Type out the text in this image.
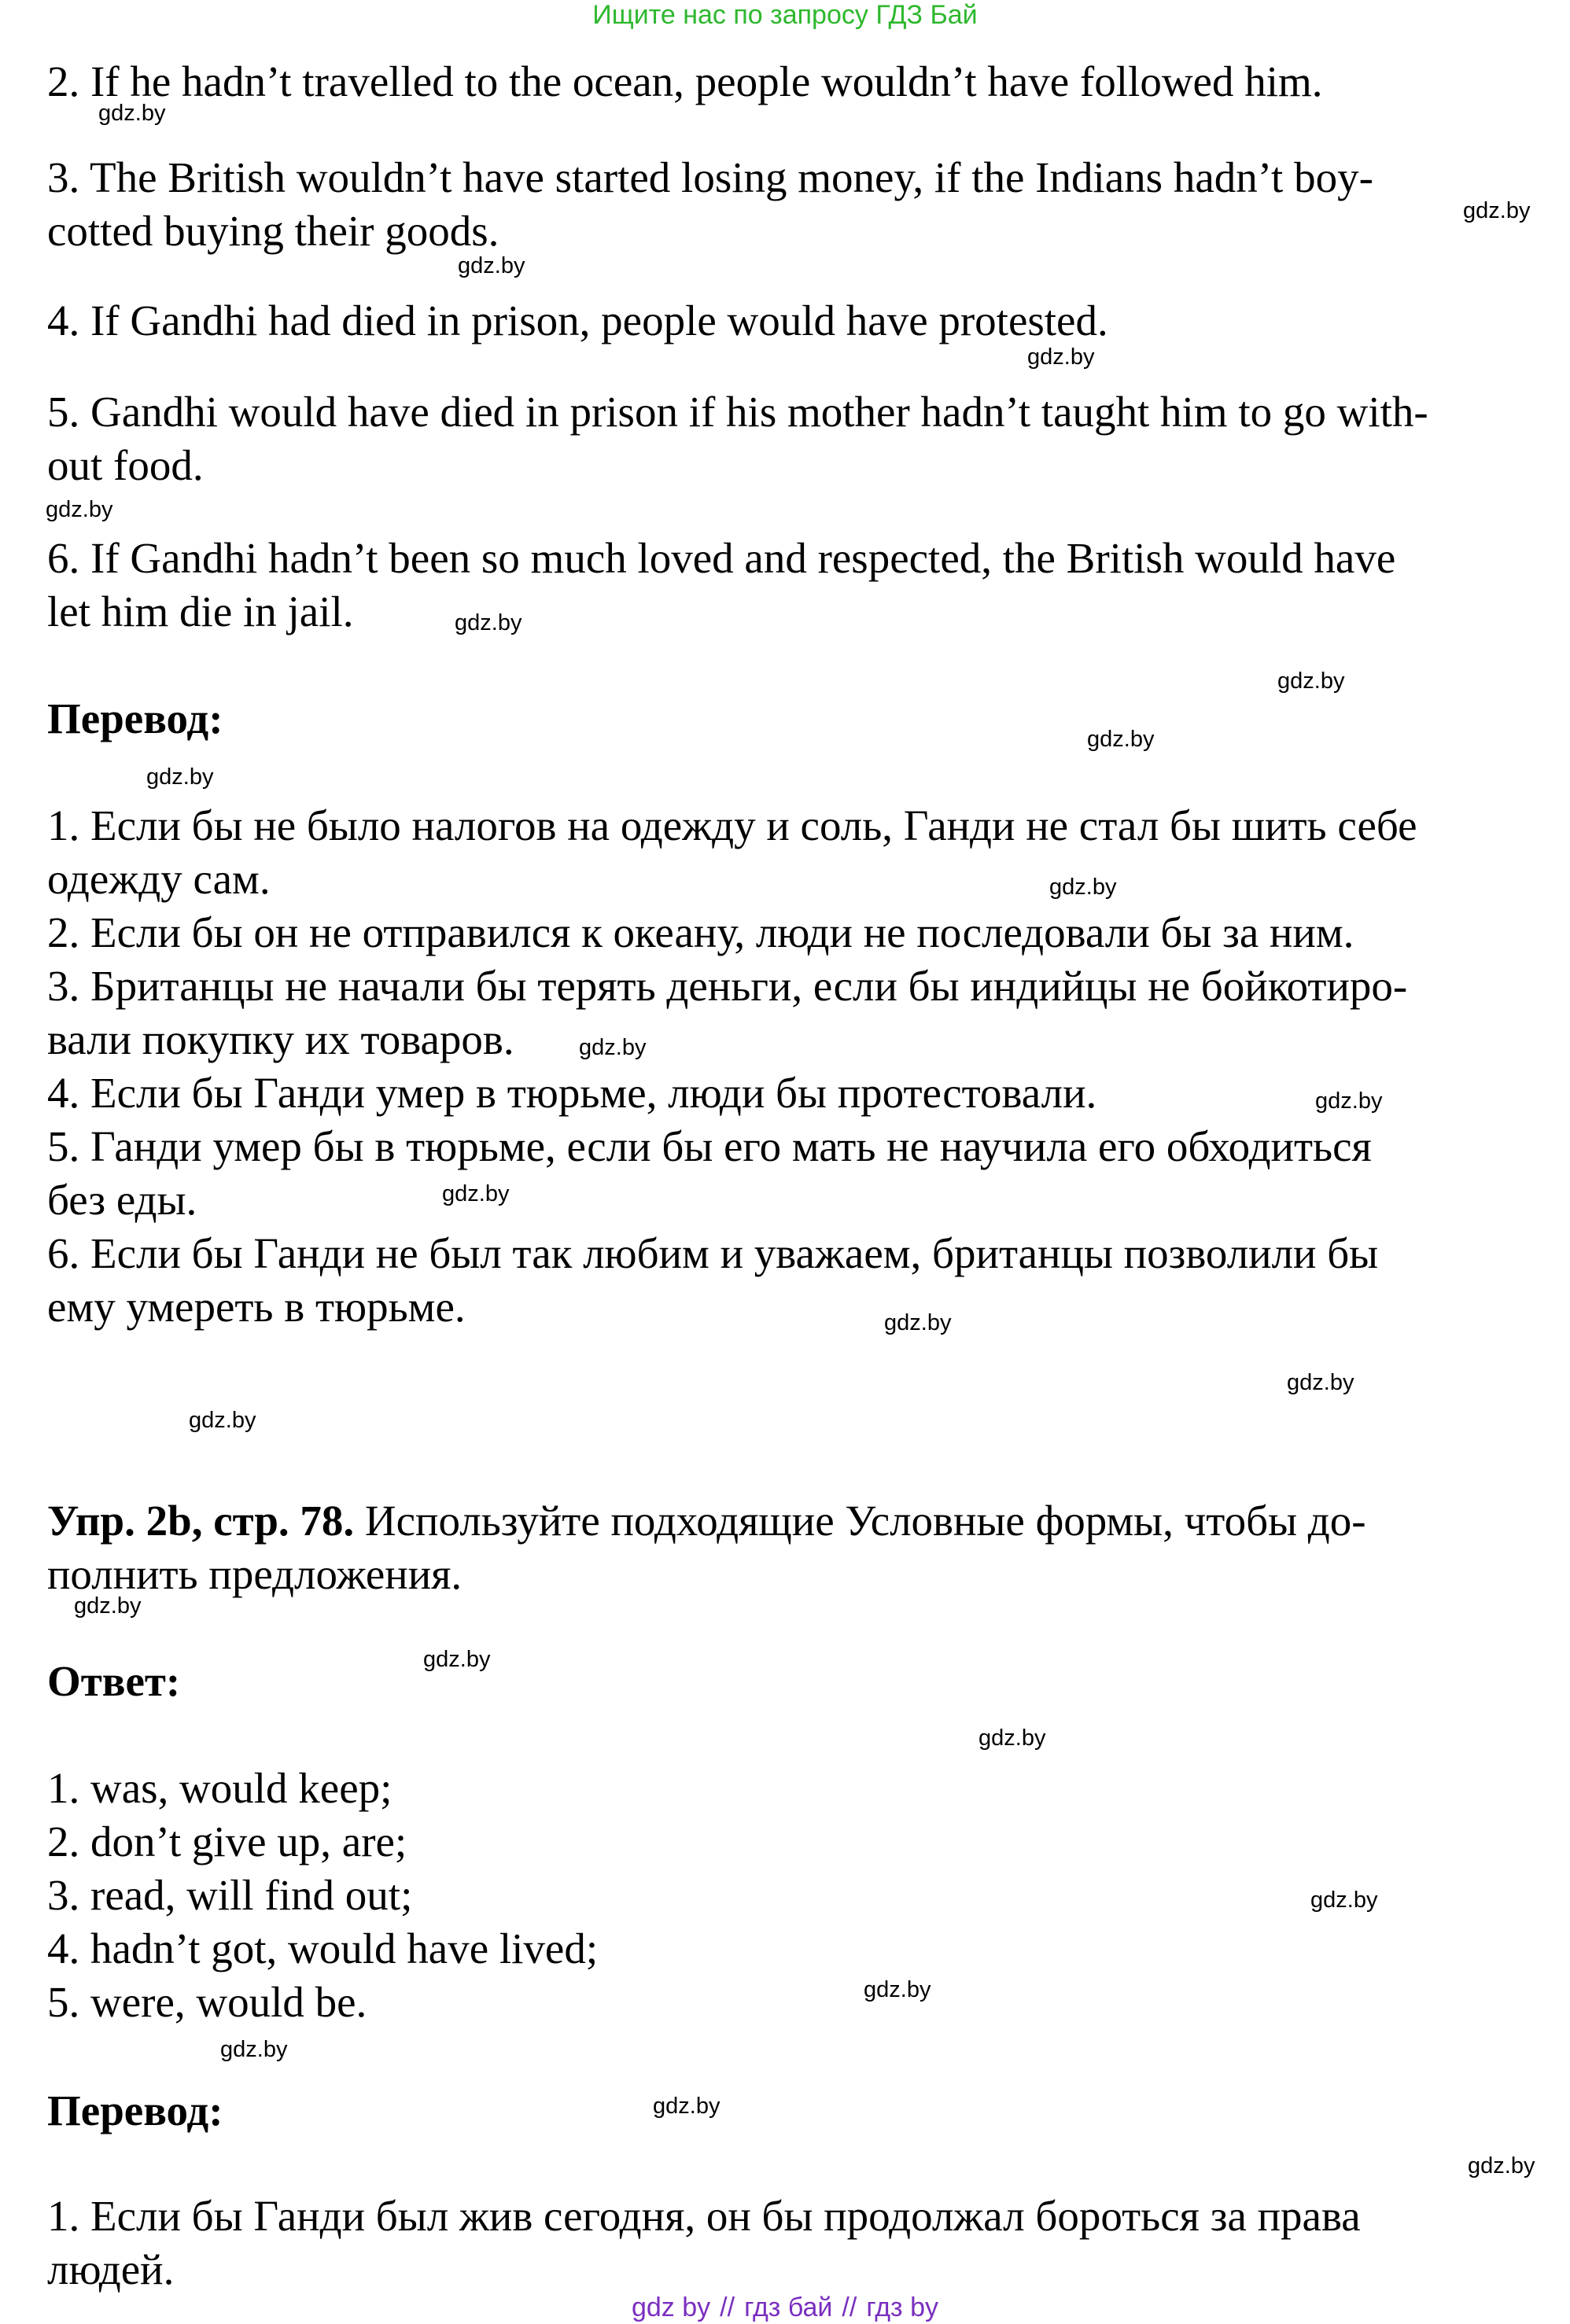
Ищите нас по запросу ГДЗ Бай
2. If he hadn’t travelled to the ocean, people wouldn’t have followed him.
3. The British wouldn’t have started losing money, if the Indians hadn’t boy-
cotted buying their goods.
4. If Gandhi had died in prison, people would have protested.
5. Gandhi would have died in prison if his mother hadn’t taught him to go with-
out food.
6. If Gandhi hadn’t been so much loved and respected, the British would have
let him die in jail.
Перевод:
1. Если бы не было налогов на одежду и соль, Ганди не стал бы шить себе
одежду сам.
2. Если бы он не отправился к океану, люди не последовали бы за ним.
3. Британцы не начали бы терять деньги, если бы индийцы не бойкотиро-
вали покупку их товаров.
4. Если бы Ганди умер в тюрьме, люди бы протестовали.
5. Ганди умер бы в тюрьме, если бы его мать не научила его обходиться
без еды.
6. Если бы Ганди не был так любим и уважаем, британцы позволили бы
ему умереть в тюрьме.
Упр. 2b, стр. 78. Используйте подходящие Условные формы, чтобы до-
полнить предложения.
Ответ:
1. was, would keep;
2. don’t give up, are;
3. read, will find out;
4. hadn’t got, would have lived;
5. were, would be.
Перевод:
1. Если бы Ганди был жив сегодня, он бы продолжал бороться за права
людей.
gdz.by
gdz.by
gdz.by
gdz.by
gdz.by
gdz.by
gdz.by
gdz.by
gdz.by
gdz.by
gdz.by
gdz.by
gdz.by
gdz.by
gdz.by
gdz.by
gdz.by
gdz.by
gdz.by
gdz.by
gdz.by
gdz.by
gdz.by
gdz.by
gdz by // гдз бай // гдз by
